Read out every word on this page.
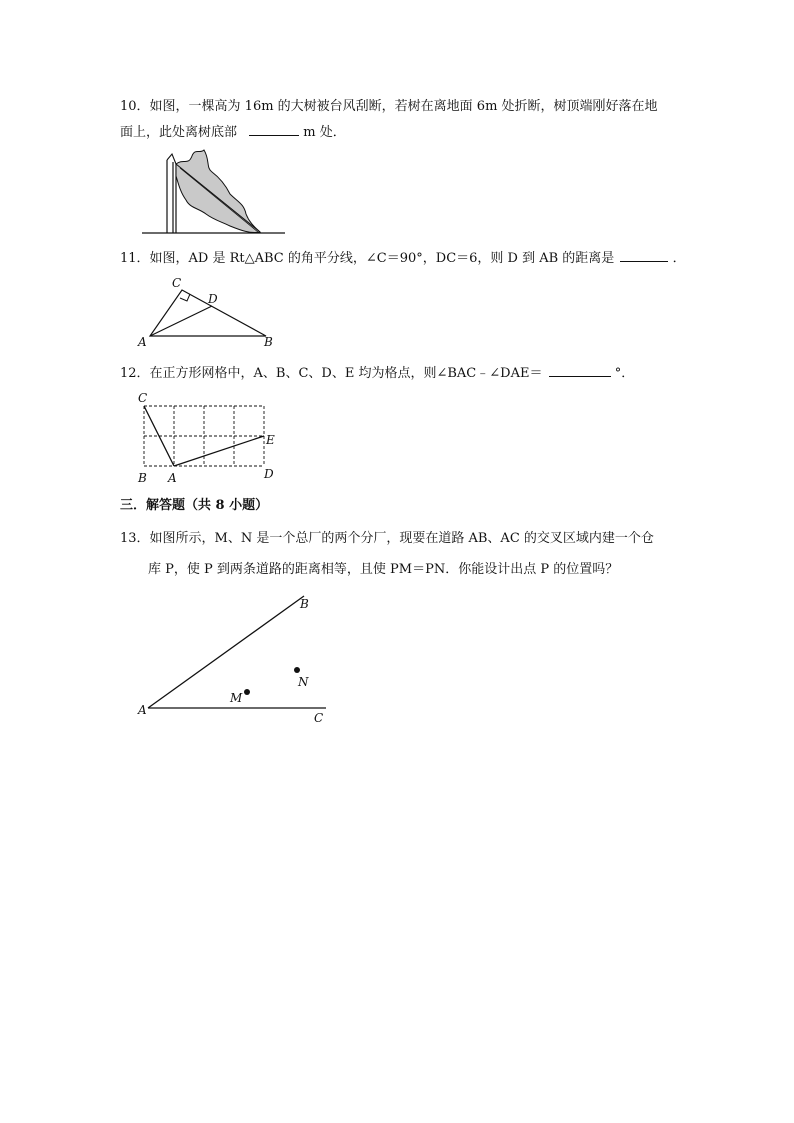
10．如图，一棵高为 16m 的大树被台风刮断，若树在离地面 6m 处折断，树顶端刚好落在地
面上，此处离树底部	m 处．
11．如图，AD 是 Rt△ABC 的角平分线，∠C＝90°，DC＝6，则 D 到 AB 的距离是	．
C
D
A	B
12．在正方形网格中，A、B、C、D、E 均为格点，则∠BAC﹣∠DAE＝	°．
C
E
B A	D
三．解答题（共 8 小题）
13．如图所示，M、N 是一个总厂的两个分厂，现要在道路 AB、AC 的交叉区域内建一个仓
库 P，使 P 到两条道路的距离相等，且使 PM＝PN．你能设计出点 P 的位置吗？
B
N
M
A
C
